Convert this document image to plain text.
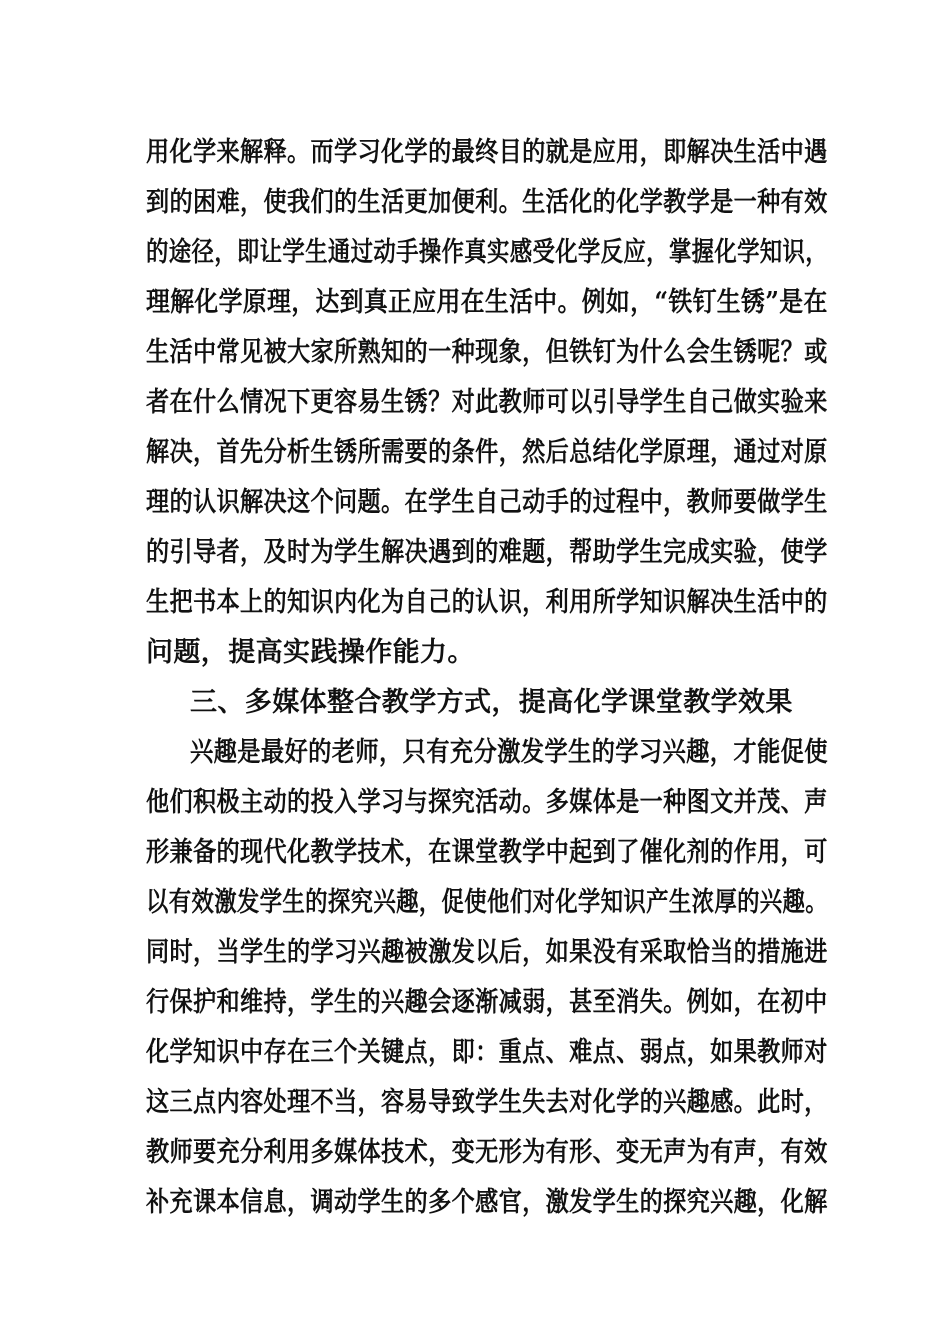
用化学来解释。而学习化学的最终目的就是应用，即解决生活中遇
到的困难，使我们的生活更加便利。生活化的化学教学是一种有效
的途径，即让学生通过动手操作真实感受化学反应，掌握化学知识，
理解化学原理，达到真正应用在生活中。例如，“铁钉生锈”是在
生活中常见被大家所熟知的一种现象，但铁钉为什么会生锈呢？或
者在什么情况下更容易生锈？对此教师可以引导学生自己做实验来
解决，首先分析生锈所需要的条件，然后总结化学原理，通过对原
理的认识解决这个问题。在学生自己动手的过程中，教师要做学生
的引导者，及时为学生解决遇到的难题，帮助学生完成实验，使学
生把书本上的知识内化为自己的认识，利用所学知识解决生活中的
问题，提高实践操作能力。
三、多媒体整合教学方式，提高化学课堂教学效果
兴趣是最好的老师，只有充分激发学生的学习兴趣，才能促使
他们积极主动的投入学习与探究活动。多媒体是一种图文并茂、声
形兼备的现代化教学技术，在课堂教学中起到了催化剂的作用，可
以有效激发学生的探究兴趣，促使他们对化学知识产生浓厚的兴趣。
同时，当学生的学习兴趣被激发以后，如果没有采取恰当的措施进
行保护和维持，学生的兴趣会逐渐减弱，甚至消失。例如，在初中
化学知识中存在三个关键点，即：重点、难点、弱点，如果教师对
这三点内容处理不当，容易导致学生失去对化学的兴趣感。此时，
教师要充分利用多媒体技术，变无形为有形、变无声为有声，有效
补充课本信息，调动学生的多个感官，激发学生的探究兴趣，化解
